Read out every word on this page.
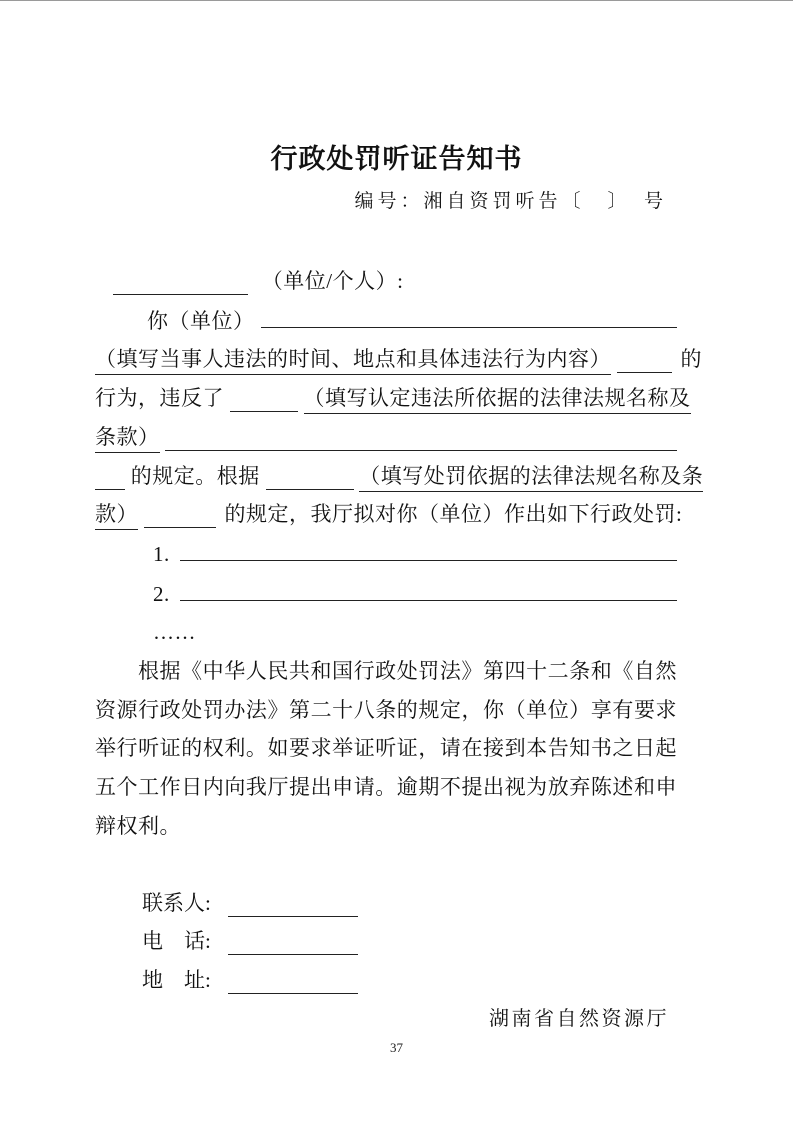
行政处罚听证告知书
编号：湘自资罚听告〔　〕　号
（单位/个人）:
你（单位）
（填写当事人违法的时间、地点和具体违法行为内容）	的
行为，违反了	（填写认定违法所依据的法律法规名称及
条款）
的规定。根据	（填写处罚依据的法律法规名称及条
款）	的规定，我厅拟对你（单位）作出如下行政处罚:
1.
2.
……

根据《中华人民共和国行政处罚法》第四十二条和《自然资源行政处罚办法》第二十八条的规定，你（单位）享有要求举行听证的权利。如要求举证听证，请在接到本告知书之日起五个工作日内向我厅提出申请。逾期不提出视为放弃陈述和申辩权利。

联系人:
电　话:
地　址:
湖南省自然资源厅
37
